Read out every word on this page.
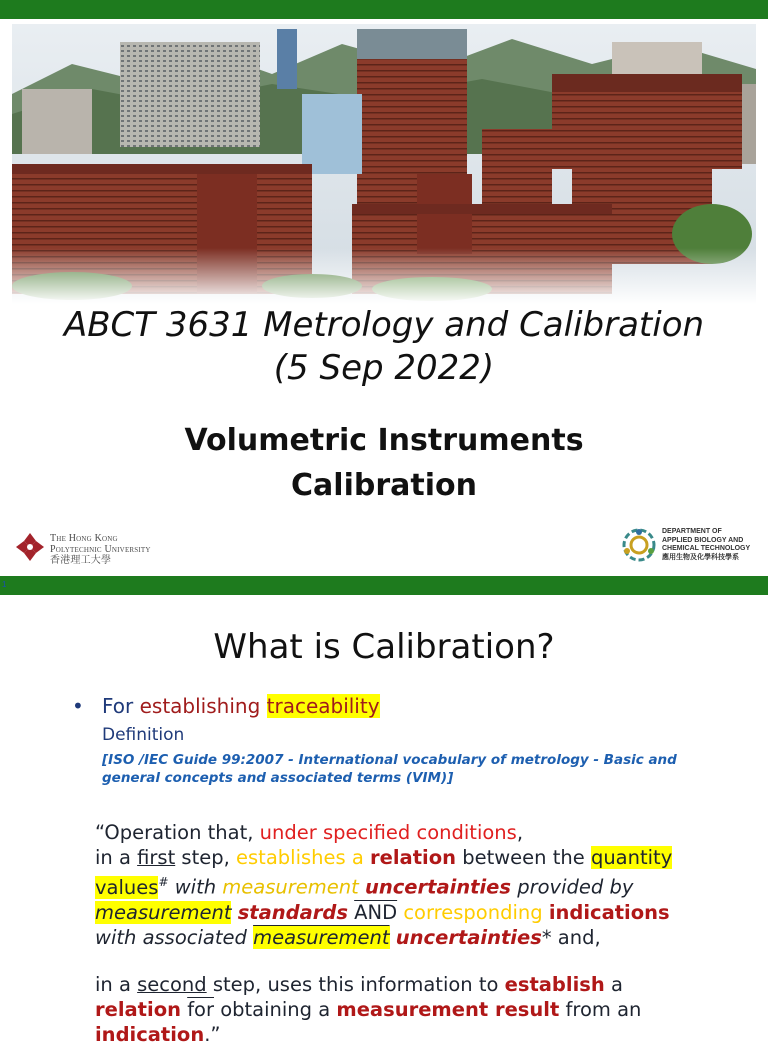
ABCT 3631 Metrology and Calibration
(5 Sep 2022)
Volumetric Instruments
Calibration
The Hong Kong
Polytechnic University
香港理工大學
DEPARTMENT OF
APPLIED BIOLOGY AND
CHEMICAL TECHNOLOGY
應用生物及化學科技學系
1
What is Calibration?
• For establishing traceability
Definition
[ISO /IEC Guide 99:2007 - International vocabulary of metrology - Basic and general concepts and associated terms (VIM)]
“Operation that, under specified conditions,
in a first step, establishes a relation between the quantity
values# with measurement uncertainties provided by
measurement standards $\overline{AND}$ corresponding indications
with associated measurement uncertainties* and,
in a second step, uses this information to establish a
relation $\overline{for}$ obtaining a measurement result from an
indication.”
